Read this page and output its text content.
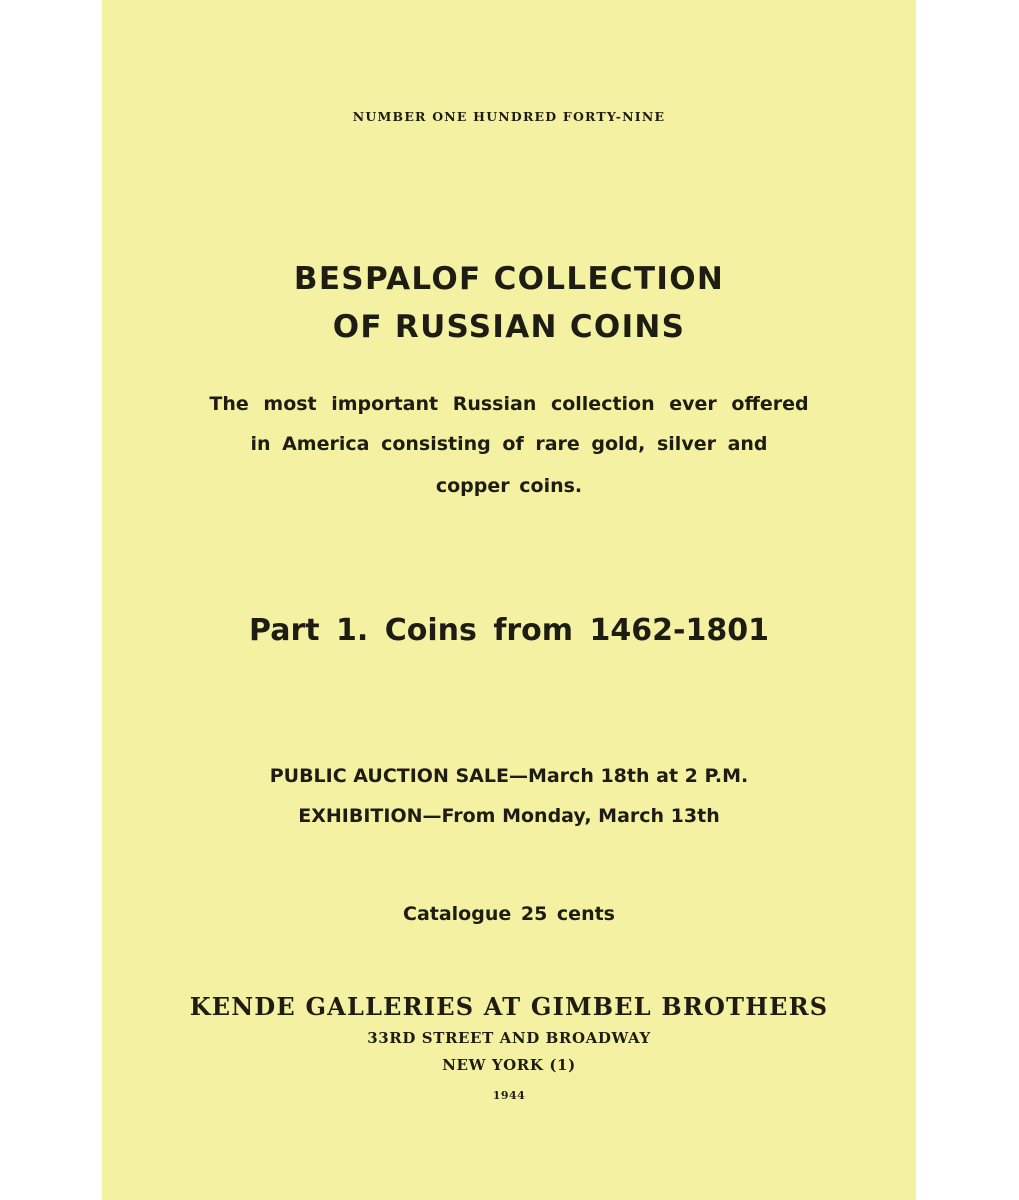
NUMBER ONE HUNDRED FORTY-NINE
BESPALOF COLLECTION
OF RUSSIAN COINS
The most important Russian collection ever offered
in America consisting of rare gold, silver and
copper coins.
Part 1. Coins from 1462-1801
PUBLIC AUCTION SALE—March 18th at 2 P.M.
EXHIBITION—From Monday, March 13th
Catalogue 25 cents
KENDE GALLERIES AT GIMBEL BROTHERS
33RD STREET AND BROADWAY
NEW YORK (1)
1944
